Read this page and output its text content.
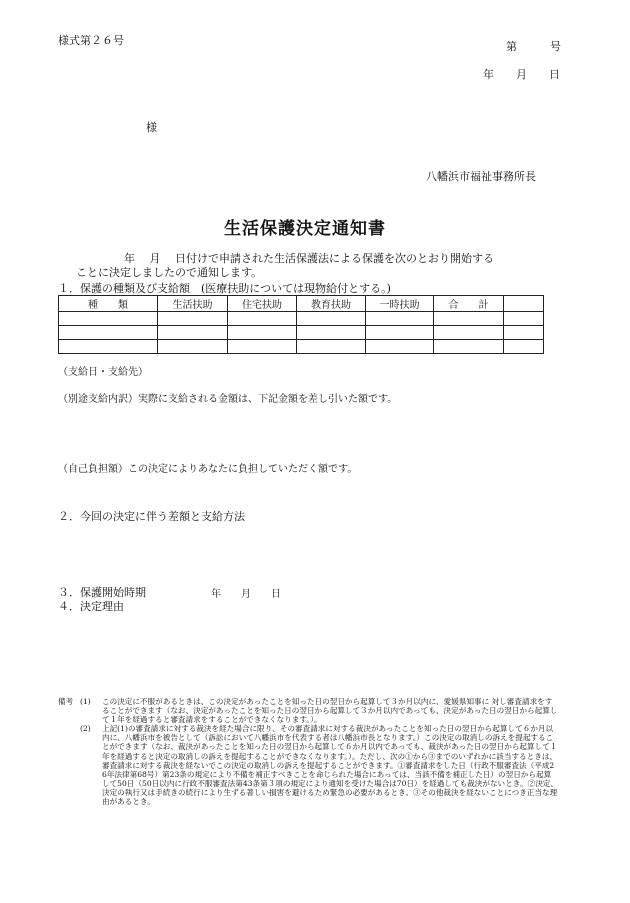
様式第２６号	第　　　号
年　　月　　日
様
八幡浜市福祉事務所長
生活保護決定通知書
年　 月　 日付けで申請された生活保護法による保護を次のとおり開始する
ことに決定しましたので通知します。
１．保護の種類及び支給額　(医療扶助については現物給付とする。)
種　　類	生活扶助	住宅扶助	教育扶助	一時扶助	合　　計	

（支給日・支給先）
（別途支給内訳）実際に支給される金額は、下記金額を差し引いた額です。
（自己負担額）この決定によりあなたに負担していただく額です。
２．今回の決定に伴う差額と支給方法
３．保護開始時期	年　　月　　日
４．決定理由
備考 (1)	この決定に不服があるときは、この決定があったことを知った日の翌日から起算して３か月以内に、愛媛県知事に 対し審査請求をすることができます（なお、決定があったことを知った日の翌日から起算して３か月以内であっても、決定があった日の翌日から起算して１年を経過すると審査請求をすることができなくなります。）。
(2)	上記(1)の審査請求に対する裁決を経た場合に限り、その審査請求に対する裁決があったことを知った日の翌日から起算して６か月以内に、八幡浜市を被告として（訴訟において八幡浜市を代表する者は八幡浜市長となります。）この決定の取消しの訴えを提起することができます（なお、裁決があったことを知った日の翌日から起算して６か月以内であっても、裁決があった日の翌日から起算して１年を経過すると決定の取消しの訴えを提起することができなくなります。）。ただし、次の①から③までのいずれかに該当するときは、審査請求に対する裁決を経ないでこの決定の取消しの訴えを提起することができます。①審査請求をした日（行政不服審査法（平成26年法律第68号）第23条の規定により不備を補正すべきことを命じられた場合にあっては、当該不備を補正した日）の翌日から起算して50日（50日以内に行政不服審査法第43条第３項の規定により通知を受けた場合は70日）を経過しても裁決がないとき。②決定、決定の執行又は手続きの続行により生ずる著しい損害を避けるため緊急の必要があるとき。③その他裁決を経ないことにつき正当な理由があるとき。
